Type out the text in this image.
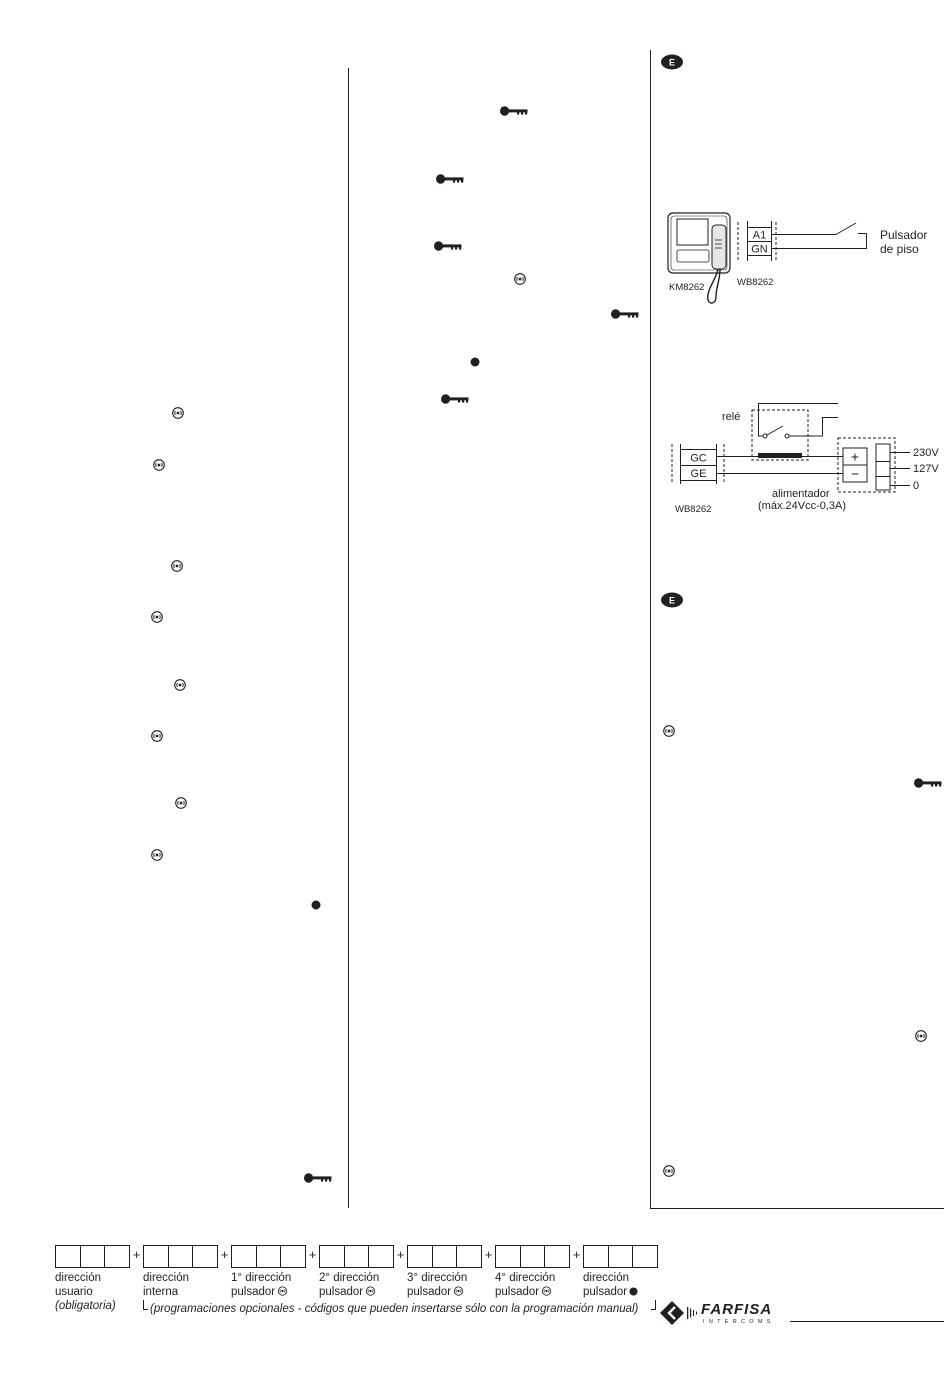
E
E
KM8262
A1
GN
WB8262
Pulsador
de piso
relé
GC
GE
WB8262
+
−
230V
127V
0
alimentador
(máx.24Vcc-0,3A)
+	+	+	+	+	+
dirección
usuario
(obligatoria)
dirección
interna
1° dirección
pulsador
2° dirección
pulsador
3° dirección
pulsador
4° dirección
pulsador
dirección
pulsador
(programaciones opcionales - códigos que pueden insertarse sólo con la programación manual)	FARFISA
INTERCOMS
